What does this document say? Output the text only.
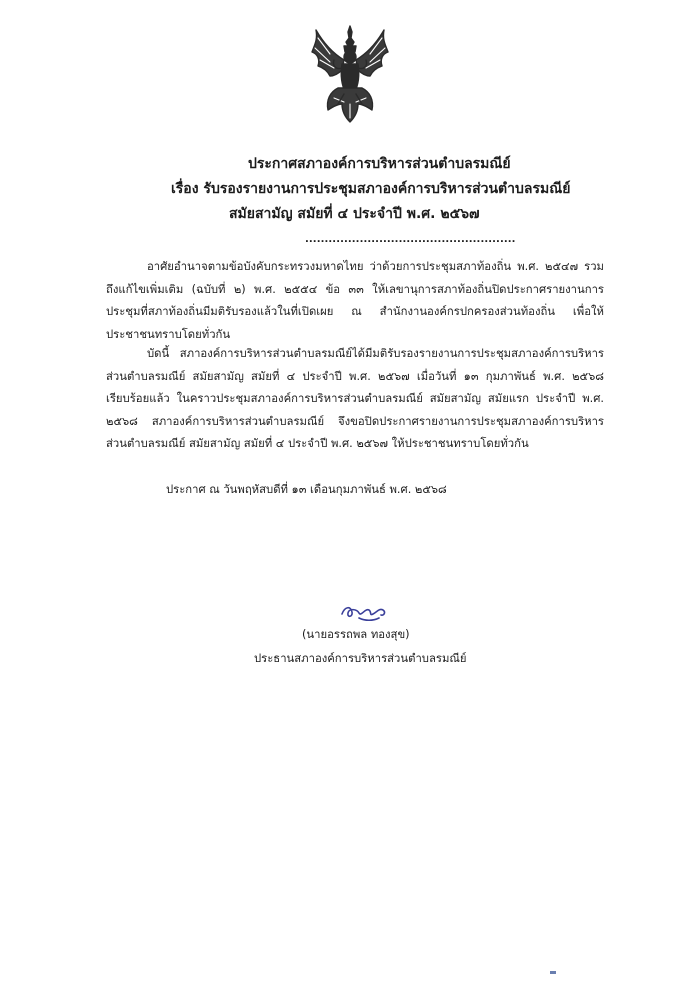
ประกาศสภาองค์การบริหารส่วนตำบลรมณีย์
เรื่อง รับรองรายงานการประชุมสภาองค์การบริหารส่วนตำบลรมณีย์
สมัยสามัญ สมัยที่ ๔ ประจำปี พ.ศ. ๒๕๖๗
......................................................
อาศัยอำนาจตามข้อบังคับกระทรวงมหาดไทย ว่าด้วยการประชุมสภาท้องถิ่น พ.ศ. ๒๕๔๗ รวมถึงแก้ไขเพิ่มเติม (ฉบับที่ ๒) พ.ศ. ๒๕๕๔ ข้อ ๓๓ ให้เลขานุการสภาท้องถิ่นปิดประกาศรายงานการประชุมที่สภาท้องถิ่นมีมติรับรองแล้วในที่เปิดเผย ณ สำนักงานองค์กรปกครองส่วนท้องถิ่น เพื่อให้ประชาชนทราบโดยทั่วกัน
บัดนี้ สภาองค์การบริหารส่วนตำบลรมณีย์ได้มีมติรับรองรายงานการประชุมสภาองค์การบริหารส่วนตำบลรมณีย์ สมัยสามัญ สมัยที่ ๔ ประจำปี พ.ศ. ๒๕๖๗ เมื่อวันที่ ๑๓ กุมภาพันธ์ พ.ศ. ๒๕๖๘ เรียบร้อยแล้ว ในคราวประชุมสภาองค์การบริหารส่วนตำบลรมณีย์ สมัยสามัญ สมัยแรก ประจำปี พ.ศ. ๒๕๖๘ สภาองค์การบริหารส่วนตำบลรมณีย์ จึงขอปิดประกาศรายงานการประชุมสภาองค์การบริหารส่วนตำบลรมณีย์ สมัยสามัญ สมัยที่ ๔ ประจำปี พ.ศ. ๒๕๖๗ ให้ประชาชนทราบโดยทั่วกัน
ประกาศ ณ วันพฤหัสบดีที่ ๑๓ เดือนกุมภาพันธ์ พ.ศ. ๒๕๖๘
(นายอรรถพล ทองสุข)
ประธานสภาองค์การบริหารส่วนตำบลรมณีย์
